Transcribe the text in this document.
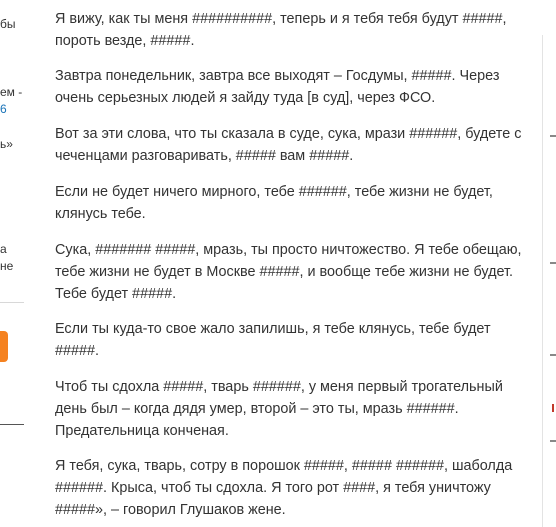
бы
ем -
6
ь»
а
не

Я вижу, как ты меня ##########, теперь и я тебя тебя будут #####, пороть везде, #####.

Завтра понедельник, завтра все выходят – Госдумы, #####. Через очень серьезных людей я зайду туда [в суд], через ФСО.

Вот за эти слова, что ты сказала в суде, сука, мрази ######, будете с чеченцами разговаривать, ##### вам #####.

Если не будет ничего мирного, тебе ######, тебе жизни не будет, клянусь тебе.

Сука, ####### #####, мразь, ты просто ничтожество. Я тебе обещаю, тебе жизни не будет в Москве #####, и вообще тебе жизни не будет. Тебе будет #####.

Если ты куда-то свое жало запилишь, я тебе клянусь, тебе будет #####.

Чтоб ты сдохла #####, тварь ######, у меня первый трогательный день был – когда дядя умер, второй – это ты, мразь ######. Предательница конченая.

Я тебя, сука, тварь, сотру в порошок #####, ##### ######, шаболда ######. Крыса, чтоб ты сдохла. Я того рот ####, я тебя уничтожу #####», – говорил Глушаков жене.
